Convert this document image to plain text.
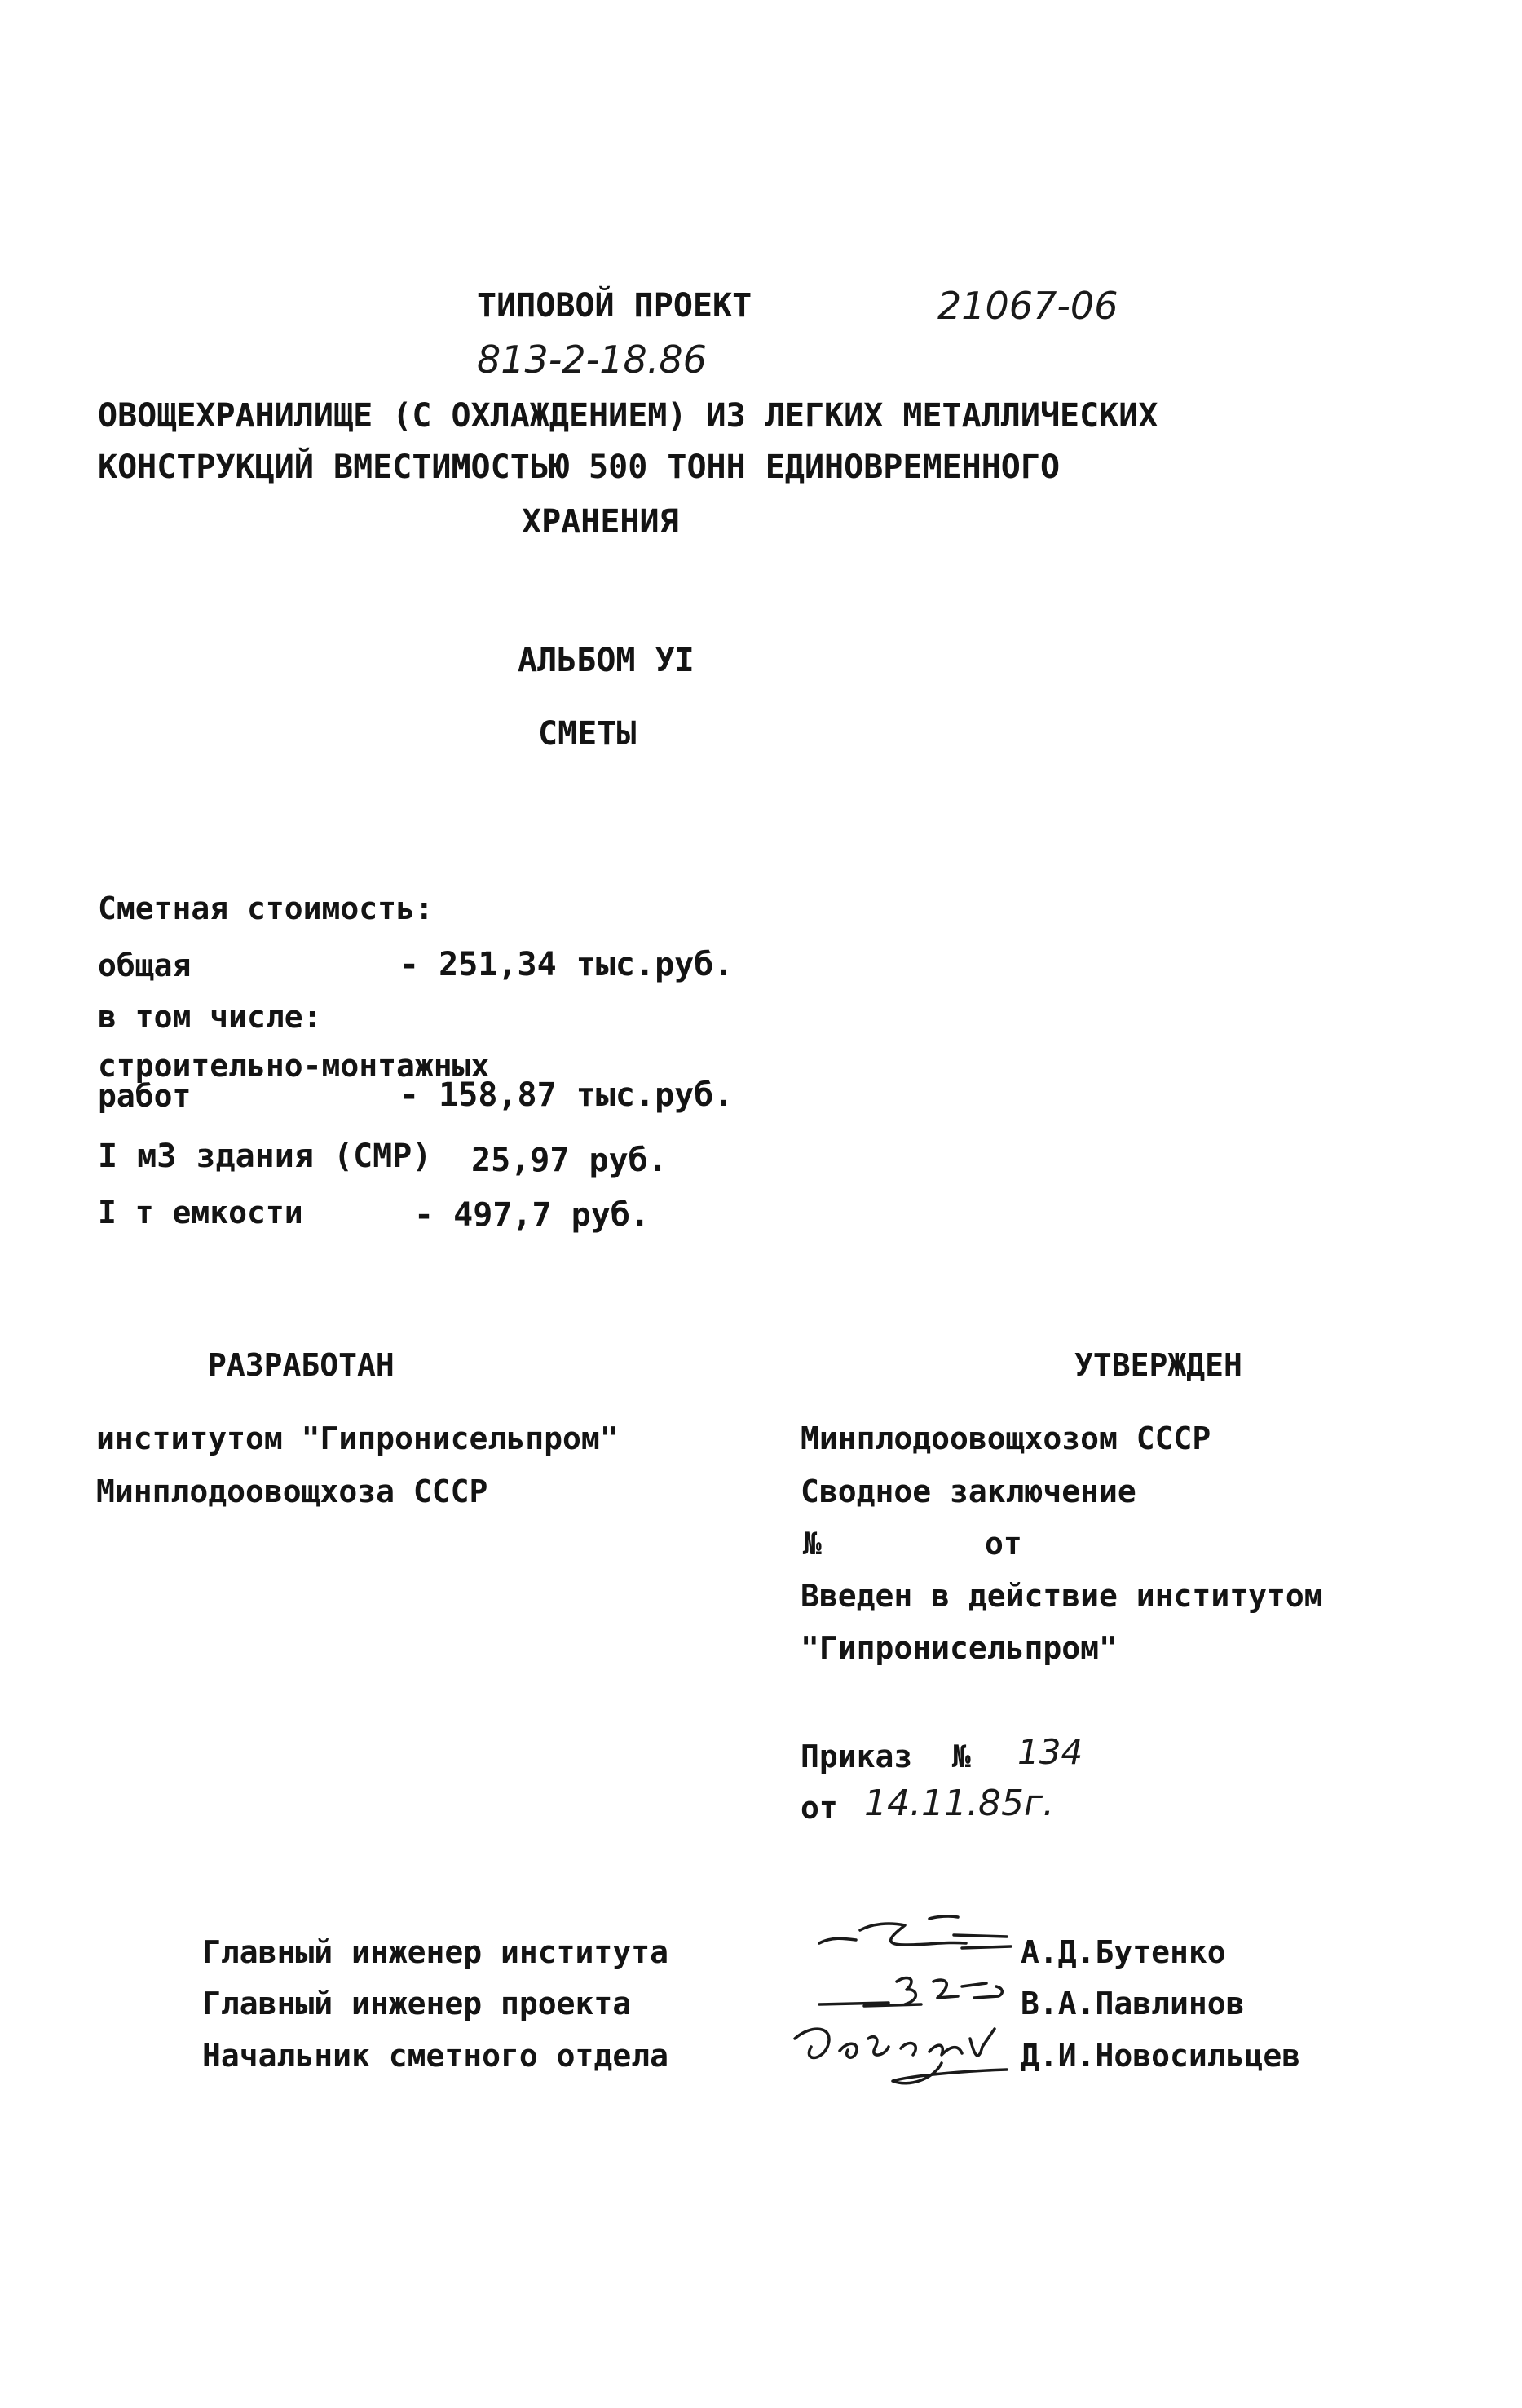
ТИПОВОЙ ПРОЕКТ	21067-06
813-2-18.86
ОВОЩЕХРАНИЛИЩЕ (С ОХЛАЖДЕНИЕМ) ИЗ ЛЕГКИХ МЕТАЛЛИЧЕСКИХ
КОНСТРУКЦИЙ ВМЕСТИМОСТЬЮ 500 ТОНН ЕДИНОВРЕМЕННОГО
ХРАНЕНИЯ
АЛЬБОМ УI
СМЕТЫ
Сметная стоимость:
общая	- 251,34 тыс.руб.
в том числе:
строительно-монтажных
работ	- 158,87 тыс.руб.
I м3 здания (СМР) 25,97 руб.
I т емкости	- 497,7 руб.
РАЗРАБОТАН
институтом "Гипронисельпром"
Минплодоовощхоза СССР
УТВЕРЖДЕН
Минплодоовощхозом СССР
Сводное заключение
№	от
Введен в действие институтом
"Гипронисельпром"
Приказ № 134
от 14.11.85г.
Главный инженер института	А.Д.Бутенко
Главный инженер проекта	В.А.Павлинов
Начальник сметного отдела	Д.И.Новосильцев
